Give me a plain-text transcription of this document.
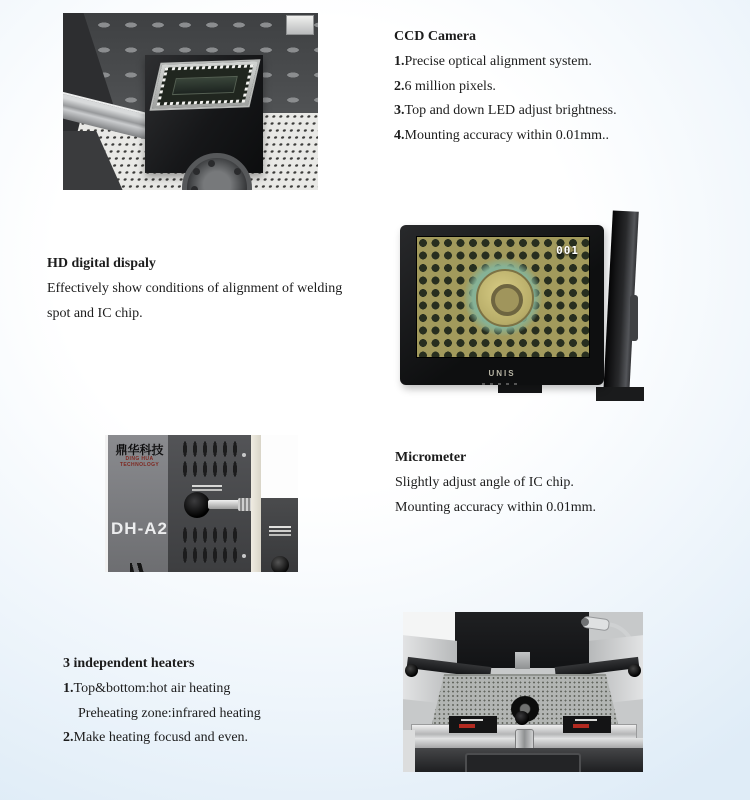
CCD Camera
1.Precise optical alignment system.
2.6 million pixels.
3.Top and down LED adjust brightness.
4.Mounting accuracy within 0.01mm..
HD digital dispaly
Effectively show conditions of alignment of welding
spot and IC chip.
001
UNIS
鼎华科技
DING HUA TECHNOLOGY
DH-A2
Micrometer
Slightly adjust angle of IC chip.
Mounting accuracy within 0.01mm.
3 independent heaters
1.Top&bottom:hot air heating
Preheating zone:infrared heating
2.Make heating focusd and even.
